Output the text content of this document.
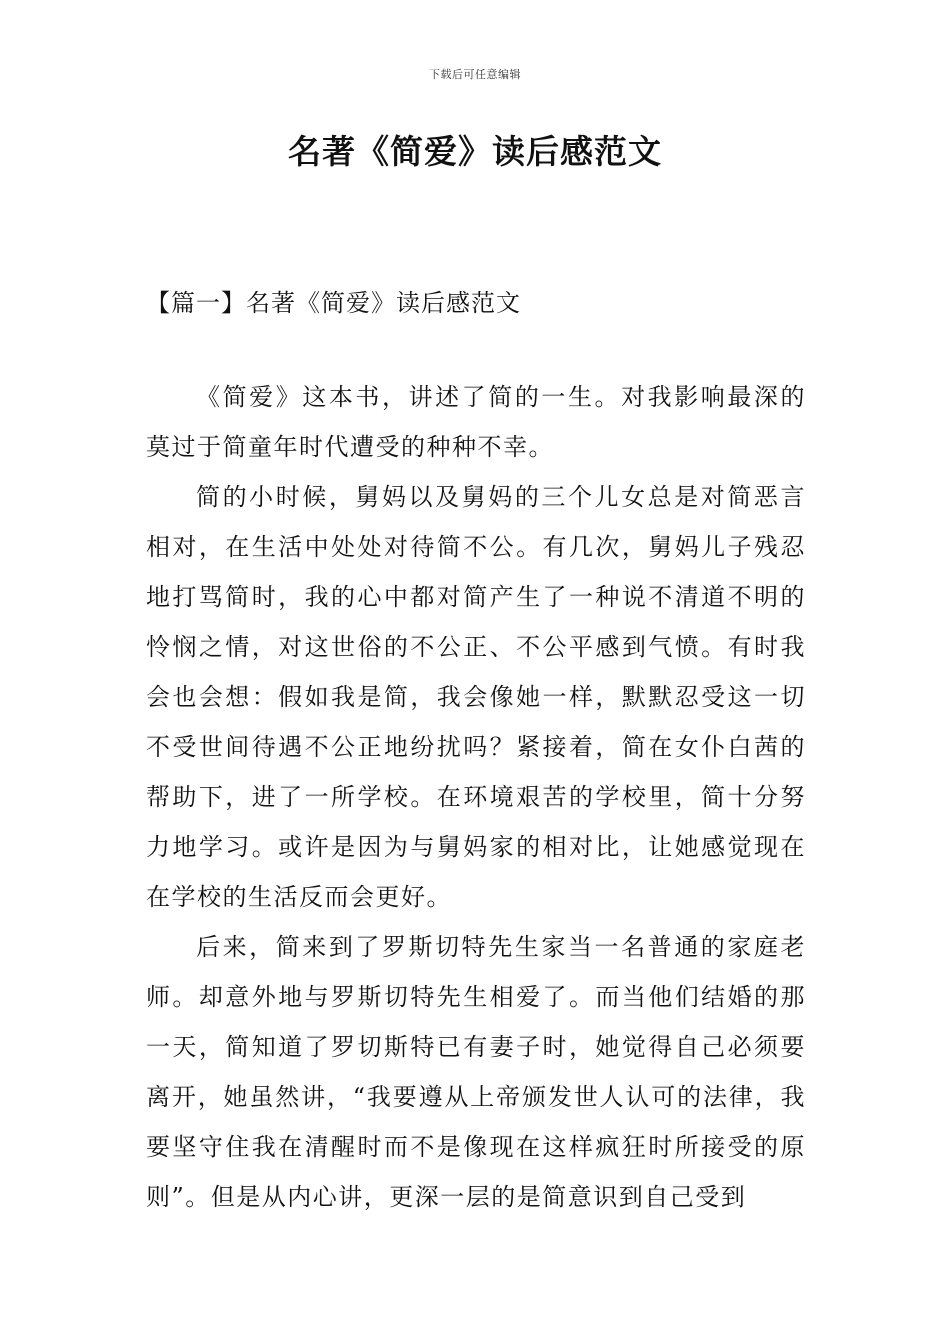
下载后可任意编辑
名著《简爱》读后感范文
【篇一】名著《简爱》读后感范文

《简爱》这本书，讲述了简的一生。对我影响最深的莫过于简童年时代遭受的种种不幸。

简的小时候，舅妈以及舅妈的三个儿女总是对简恶言相对，在生活中处处对待简不公。有几次，舅妈儿子残忍地打骂简时，我的心中都对简产生了一种说不清道不明的怜悯之情，对这世俗的不公正、不公平感到气愤。有时我会也会想：假如我是简，我会像她一样，默默忍受这一切不受世间待遇不公正地纷扰吗？紧接着，简在女仆白茜的帮助下，进了一所学校。在环境艰苦的学校里，简十分努力地学习。或许是因为与舅妈家的相对比，让她感觉现在在学校的生活反而会更好。

后来，简来到了罗斯切特先生家当一名普通的家庭老师。却意外地与罗斯切特先生相爱了。而当他们结婚的那一天，简知道了罗切斯特已有妻子时，她觉得自己必须要离开，她虽然讲，“我要遵从上帝颁发世人认可的法律，我要坚守住我在清醒时而不是像现在这样疯狂时所接受的原则”。但是从内心讲，更深一层的是简意识到自己受到
